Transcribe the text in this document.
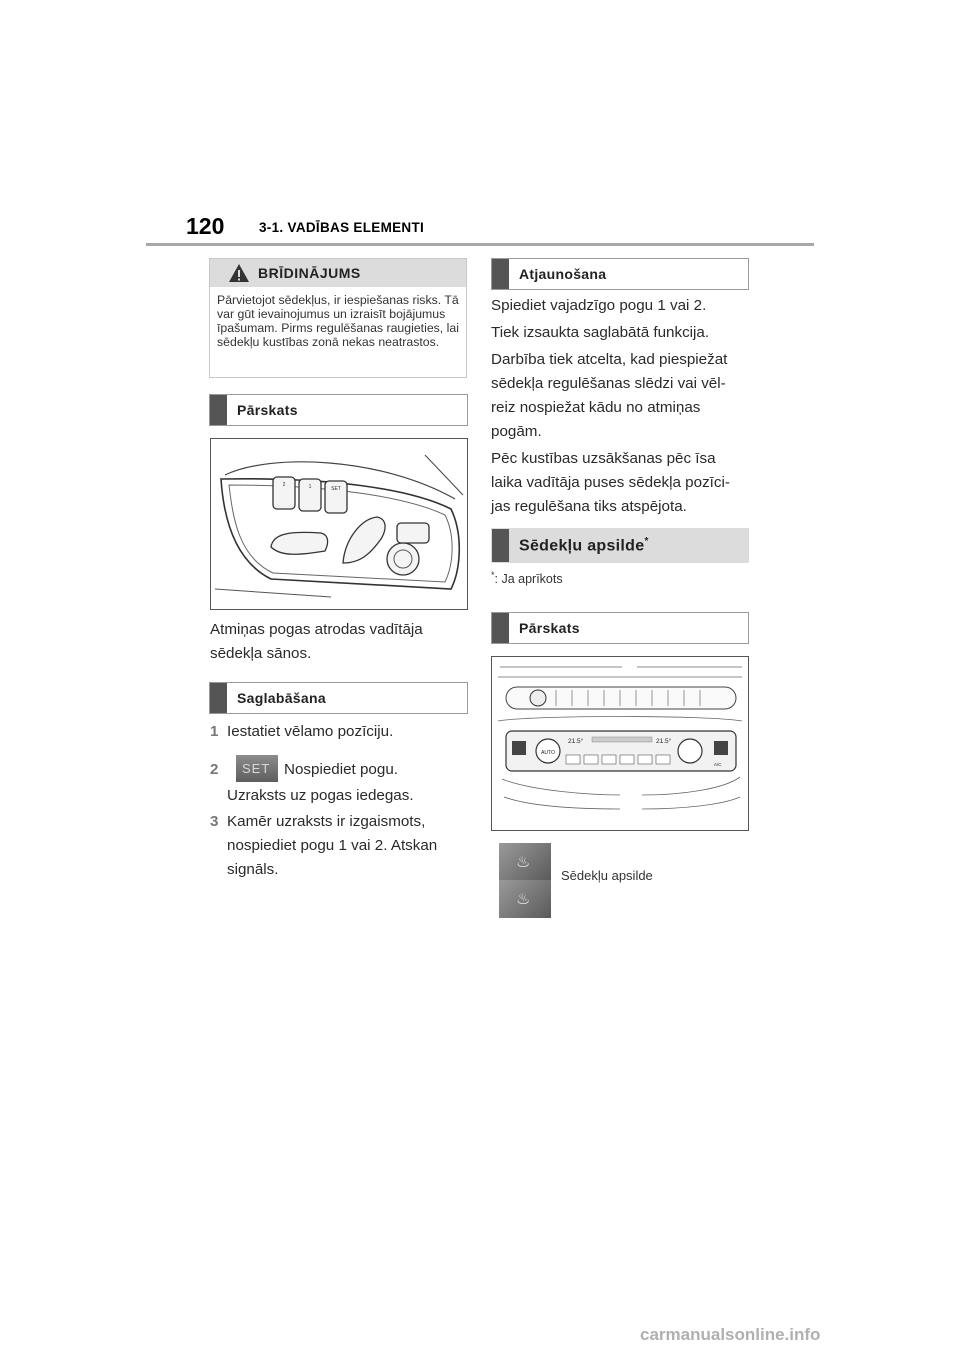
120	3-1. VADĪBAS ELEMENTI
BRĪDINĀJUMS
Pārvietojot sēdekļus, ir iespiešanas risks. Tā var gūt ievainojumus un izraisīt bojājumus īpašumam. Pirms regulēšanas raugieties, lai sēdekļu kustības zonā nekas neatrastos.
Pārskats
2	1	SET
Atmiņas pogas atrodas vadītāja sēdekļa sānos.
Saglabāšana
1 Iestatiet vēlamo pozīciju.
2 SET Nospiediet pogu.
Uzraksts uz pogas iedegas.
3 Kamēr uzraksts ir izgaismots, nospiediet pogu 1 vai 2. Atskan signāls.
Atjaunošana
Spiediet vajadzīgo pogu 1 vai 2.
Tiek izsaukta saglabātā funkcija.
Darbība tiek atcelta, kad piespiežat sēdekļa regulēšanas slēdzi vai vēl-reiz nospiežat kādu no atmiņas pogām.
Pēc kustības uzsākšanas pēc īsa laika vadītāja puses sēdekļa pozīci-jas regulēšana tiks atspējota.
Sēdekļu apsilde*
*: Ja aprīkots
Pārskats
AUTO
21.5°	21.5°
A/C
♨
♨
Sēdekļu apsilde
carmanualsonline.info
